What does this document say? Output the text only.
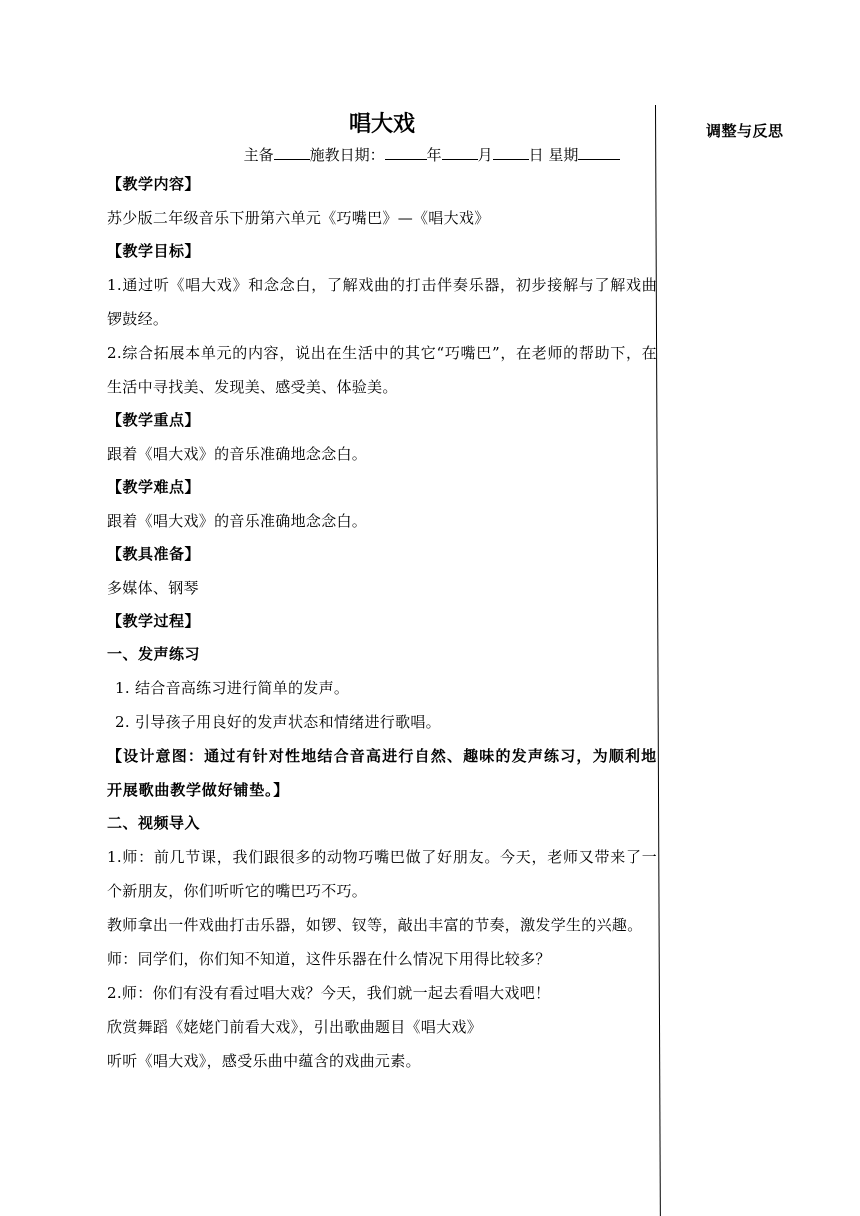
调整与反思
唱大戏
主备 施教日期：	年 月 日 星期

【教学内容】

苏少版二年级音乐下册第六单元《巧嘴巴》—《唱大戏》

【教学目标】

1.通过听《唱大戏》和念念白，了解戏曲的打击伴奏乐器，初步接解与了解戏曲锣鼓经。

2.综合拓展本单元的内容，说出在生活中的其它“巧嘴巴”，在老师的帮助下，在生活中寻找美、发现美、感受美、体验美。

【教学重点】

跟着《唱大戏》的音乐准确地念念白。

【教学难点】

跟着《唱大戏》的音乐准确地念念白。

【教具准备】

多媒体、钢琴

【教学过程】

一、发声练习

1. 结合音高练习进行简单的发声。

2. 引导孩子用良好的发声状态和情绪进行歌唱。

【设计意图：通过有针对性地结合音高进行自然、趣味的发声练习，为顺利地开展歌曲教学做好铺垫。】

二、视频导入

1.师：前几节课，我们跟很多的动物巧嘴巴做了好朋友。今天，老师又带来了一个新朋友，你们听听它的嘴巴巧不巧。

教师拿出一件戏曲打击乐器，如锣、钗等，敲出丰富的节奏，激发学生的兴趣。

师：同学们，你们知不知道，这件乐器在什么情况下用得比较多？

2.师：你们有没有看过唱大戏？今天，我们就一起去看唱大戏吧！

欣赏舞蹈《姥姥门前看大戏》，引出歌曲题目《唱大戏》

听听《唱大戏》，感受乐曲中蕴含的戏曲元素。
